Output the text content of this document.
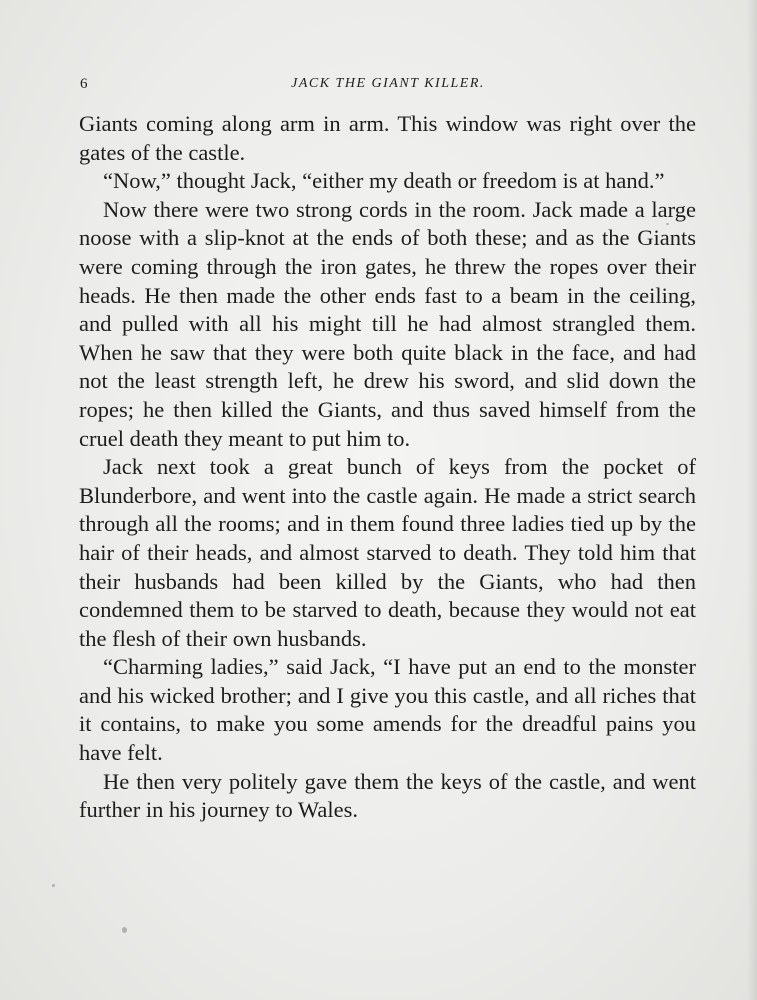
6	JACK THE GIANT KILLER.

Giants coming along arm in arm. This window was right over the gates of the castle.

“Now,” thought Jack, “either my death or freedom is at hand.”

Now there were two strong cords in the room. Jack made a large noose with a slip-knot at the ends of both these; and as the Giants were coming through the iron gates, he threw the ropes over their heads. He then made the other ends fast to a beam in the ceiling, and pulled with all his might till he had almost strangled them. When he saw that they were both quite black in the face, and had not the least strength left, he drew his sword, and slid down the ropes; he then killed the Giants, and thus saved himself from the cruel death they meant to put him to.

Jack next took a great bunch of keys from the pocket of Blunderbore, and went into the castle again. He made a strict search through all the rooms; and in them found three ladies tied up by the hair of their heads, and almost starved to death. They told him that their husbands had been killed by the Giants, who had then condemned them to be starved to death, because they would not eat the flesh of their own husbands.

“Charming ladies,” said Jack, “I have put an end to the monster and his wicked brother; and I give you this castle, and all riches that it contains, to make you some amends for the dreadful pains you have felt.

He then very politely gave them the keys of the castle, and went further in his journey to Wales.
